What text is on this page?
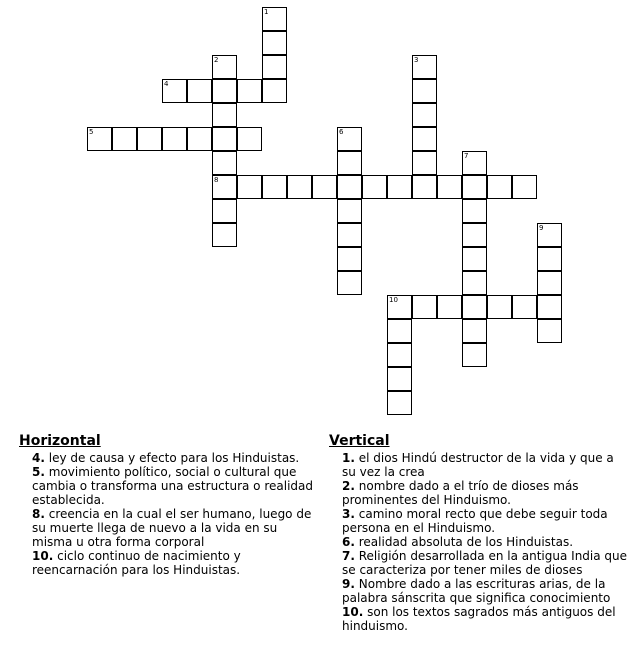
1
2
8
3
4
5	6
7
9
10
Horizontal
4. ley de causa y efecto para los Hinduistas.
5. movimiento político, social o cultural que cambia o transforma una estructura o realidad establecida.
8. creencia en la cual el ser humano, luego de su muerte llega de nuevo a la vida en su misma u otra forma corporal
10. ciclo continuo de nacimiento y reencarnación para los Hinduistas.
Vertical
1. el dios Hindú destructor de la vida y que a su vez la crea
2. nombre dado a el trío de dioses más prominentes del Hinduismo.
3. camino moral recto que debe seguir toda persona en el Hinduismo.
6. realidad absoluta de los Hinduistas.
7. Religión desarrollada en la antigua India que se caracteriza por tener miles de dioses
9. Nombre dado a las escrituras arias, de la palabra sánscrita que significa conocimiento
10. son los textos sagrados más antiguos del hinduismo.
